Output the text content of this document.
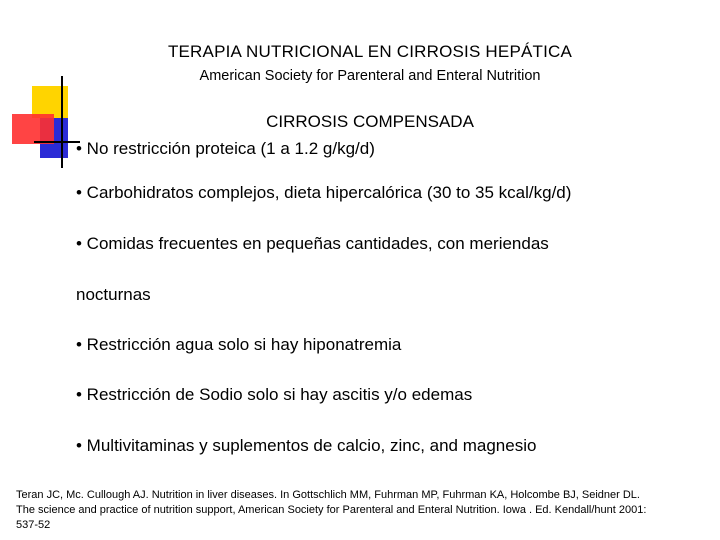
TERAPIA NUTRICIONAL EN CIRROSIS HEPÁTICA
American Society for Parenteral and Enteral Nutrition
CIRROSIS COMPENSADA
• No restricción proteica (1 a 1.2 g/kg/d)
• Carbohidratos complejos, dieta hipercalórica (30 to 35 kcal/kg/d)
• Comidas frecuentes en pequeñas cantidades, con meriendas
nocturnas
• Restricción agua solo si hay hiponatremia
• Restricción de Sodio solo si hay ascitis y/o edemas
• Multivitaminas y suplementos de calcio, zinc, and magnesio
Teran JC, Mc. Cullough AJ. Nutrition in liver diseases. In Gottschlich MM, Fuhrman MP, Fuhrman KA, Holcombe BJ, Seidner DL.
The science and practice of nutrition support, American Society for Parenteral and Enteral Nutrition. Iowa . Ed. Kendall/hunt 2001:
537-52
